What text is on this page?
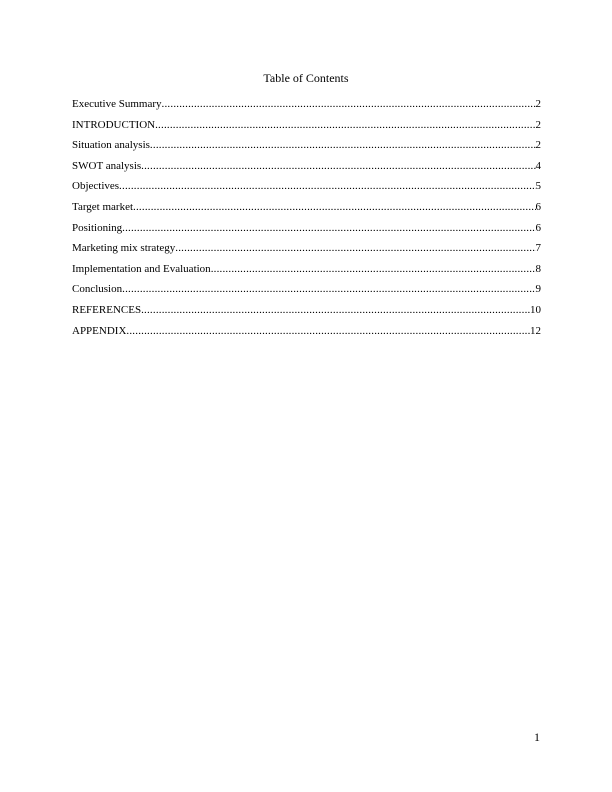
Table of Contents
Executive Summary .....	2
INTRODUCTION .....	2
Situation analysis .....	2
SWOT analysis .....	4
Objectives .....	5
Target market .....	6
Positioning .....	6
Marketing mix strategy .....	7
Implementation and Evaluation .....	8
Conclusion .....	9
REFERENCES .....	10
APPENDIX .....	12
1
